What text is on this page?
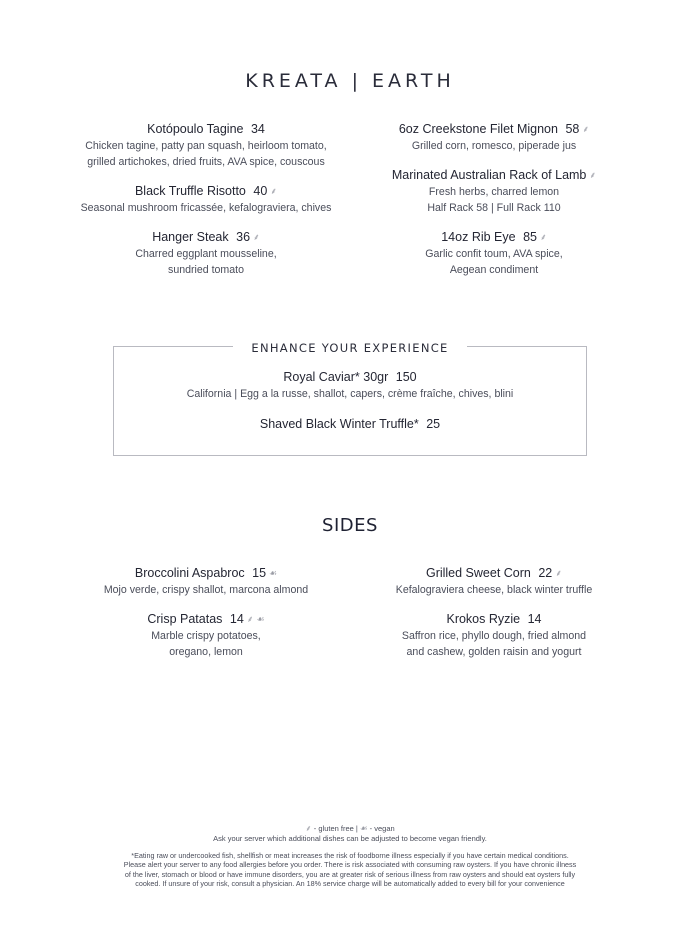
KREATA | EARTH
Kotópoulo Tagine 34
Chicken tagine, patty pan squash, heirloom tomato,
grilled artichokes, dried fruits, AVA spice, couscous
Black Truffle Risotto 40 ⸙
Seasonal mushroom fricassée, kefalograviera, chives
Hanger Steak 36 ⸙
Charred eggplant mousseline,
sundried tomato
6oz Creekstone Filet Mignon 58 ⸙
Grilled corn, romesco, piperade jus
Marinated Australian Rack of Lamb ⸙
Fresh herbs, charred lemon
Half Rack 58 | Full Rack 110
14oz Rib Eye 85 ⸙
Garlic confit toum, AVA spice,
Aegean condiment
ENHANCE YOUR EXPERIENCE
Royal Caviar* 30gr 150
California | Egg a la russe, shallot, capers, crème fraîche, chives, blini
Shaved Black Winter Truffle* 25
SIDES
Broccolini Aspabroc 15 ☙
Mojo verde, crispy shallot, marcona almond
Crisp Patatas 14 ⸙ ☙
Marble crispy potatoes,
oregano, lemon
Grilled Sweet Corn 22 ⸙
Kefalograviera cheese, black winter truffle
Krokos Ryzie 14
Saffron rice, phyllo dough, fried almond
and cashew, golden raisin and yogurt
⸙ - gluten free | ☙ - vegan
Ask your server which additional dishes can be adjusted to become vegan friendly.
*Eating raw or undercooked fish, shellfish or meat increases the risk of foodborne illness especially if you have certain medical conditions.
Please alert your server to any food allergies before you order. There is risk associated with consuming raw oysters. If you have chronic illness
of the liver, stomach or blood or have immune disorders, you are at greater risk of serious illness from raw oysters and should eat oysters fully
cooked. If unsure of your risk, consult a physician. An 18% service charge will be automatically added to every bill for your convenience
